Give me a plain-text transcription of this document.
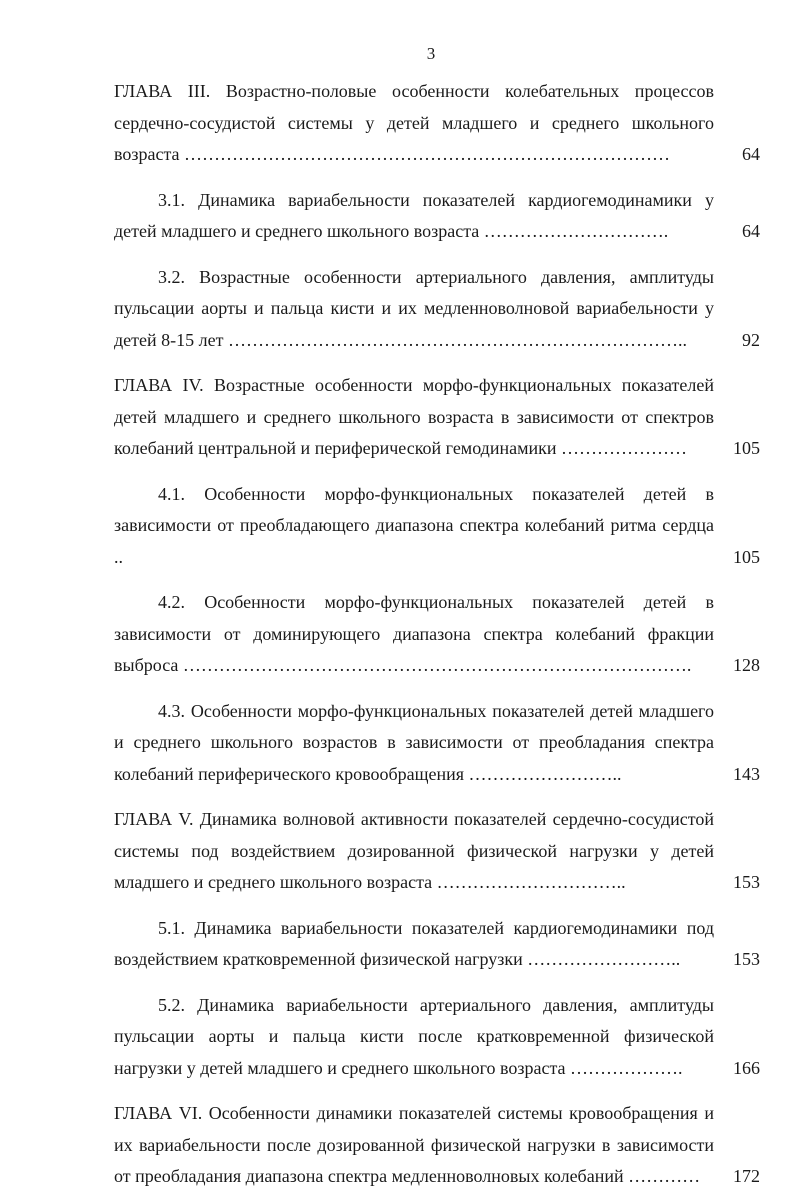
3
ГЛАВА III. Возрастно-половые особенности колебательных процессов сердечно-сосудистой системы у детей младшего и среднего школьного возраста ………………………………………………………………………	64
3.1. Динамика вариабельности показателей кардиогемодинамики у детей младшего и среднего школьного возраста ………………………….	64
3.2. Возрастные особенности артериального давления, амплитуды пульсации аорты и пальца кисти и их медленноволновой вариабельности у детей 8-15 лет …………………………………………………………………..	92
ГЛАВА IV. Возрастные особенности морфо-функциональных показателей детей младшего и среднего школьного возраста в зависимости от спектров колебаний центральной и периферической гемодинамики …………………	105
4.1. Особенности морфо-функциональных показателей детей в зависимости от преобладающего диапазона спектра колебаний ритма сердца ..	105
4.2. Особенности морфо-функциональных показателей детей в зависимости от доминирующего диапазона спектра колебаний фракции выброса ………………………………………………………………………….	128
4.3. Особенности морфо-функциональных показателей детей младшего и среднего школьного возрастов в зависимости от преобладания спектра колебаний периферического кровообращения ……………………..	143
ГЛАВА V. Динамика волновой активности показателей сердечно-сосудистой системы под воздействием дозированной физической нагрузки у детей младшего и среднего школьного возраста …………………………..	153
5.1. Динамика вариабельности показателей кардиогемодинамики под воздействием кратковременной физической нагрузки ……………………..	153
5.2. Динамика вариабельности артериального давления, амплитуды пульсации аорты и пальца кисти после кратковременной физической нагрузки у детей младшего и среднего школьного возраста ……………….	166
ГЛАВА VI. Особенности динамики показателей системы кровообращения и их вариабельности после дозированной физической нагрузки в зависимости от преобладания диапазона спектра медленноволновых колебаний …………	172
